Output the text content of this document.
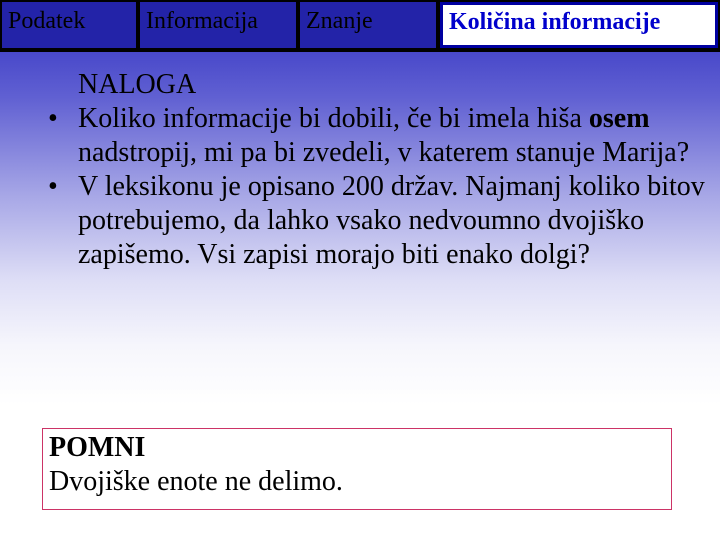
Podatek	Informacija	Znanje	Količina informacije
NALOGA
• Koliko informacije bi dobili, če bi imela hiša osem nadstropij, mi pa bi zvedeli, v katerem stanuje Marija?
• V leksikonu je opisano 200 držav. Najmanj koliko bitov potrebujemo, da lahko vsako nedvoumno dvojiško zapišemo. Vsi zapisi morajo biti enako dolgi?
POMNI
Dvojiške enote ne delimo.
